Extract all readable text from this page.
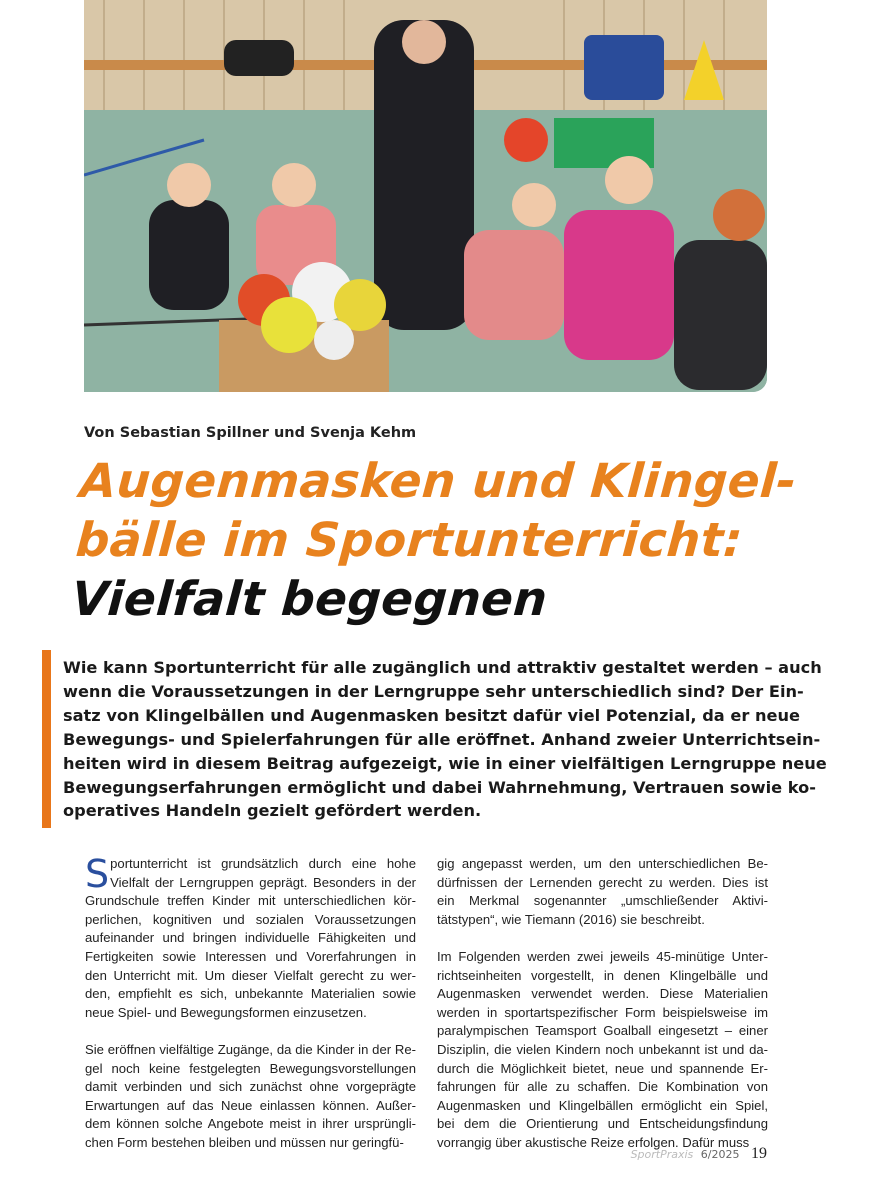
Von Sebastian Spillner und Svenja Kehm
Augenmasken und Klingel-
bälle im Sportunterricht:
Vielfalt begegnen
Wie kann Sportunterricht für alle zugänglich und attraktiv gestaltet werden – auch
wenn die Voraussetzungen in der Lerngruppe sehr unterschiedlich sind? Der Ein-
satz von Klingelbällen und Augenmasken besitzt dafür viel Potenzial, da er neue
Bewegungs- und Spielerfahrungen für alle eröffnet. Anhand zweier Unterrichtsein-
heiten wird in diesem Beitrag aufgezeigt, wie in einer vielfältigen Lerngruppe neue
Bewegungserfahrungen ermöglicht und dabei Wahrnehmung, Vertrauen sowie ko-
operatives Handeln gezielt gefördert werden.
S portunterricht ist grundsätzlich durch eine hohe
Vielfalt der Lerngruppen geprägt. Besonders in der
Grundschule treffen Kinder mit unterschiedlichen kör-
perlichen, kognitiven und sozialen Voraussetzungen
aufeinander und bringen individuelle Fähigkeiten und
Fertigkeiten sowie Interessen und Vorerfahrungen in
den Unterricht mit. Um dieser Vielfalt gerecht zu wer-
den, empfiehlt es sich, unbekannte Materialien sowie
neue Spiel- und Bewegungsformen einzusetzen.
Sie eröffnen vielfältige Zugänge, da die Kinder in der Re-
gel noch keine festgelegten Bewegungsvorstellungen
damit verbinden und sich zunächst ohne vorgeprägte
Erwartungen auf das Neue einlassen können. Außer-
dem können solche Angebote meist in ihrer ursprüngli-
chen Form bestehen bleiben und müssen nur geringfü-
gig angepasst werden, um den unterschiedlichen Be-
dürfnissen der Lernenden gerecht zu werden. Dies ist
ein Merkmal sogenannter „umschließender Aktivi-
tätstypen“, wie Tiemann (2016) sie beschreibt.
Im Folgenden werden zwei jeweils 45-minütige Unter-
richtseinheiten vorgestellt, in denen Klingelbälle und
Augenmasken verwendet werden. Diese Materialien
werden in sportartspezifischer Form beispielsweise im
paralympischen Teamsport Goalball eingesetzt – einer
Disziplin, die vielen Kindern noch unbekannt ist und da-
durch die Möglichkeit bietet, neue und spannende Er-
fahrungen für alle zu schaffen. Die Kombination von
Augenmasken und Klingelbällen ermöglicht ein Spiel,
bei dem die Orientierung und Entscheidungsfindung
vorrangig über akustische Reize erfolgen. Dafür muss
SportPraxis 6/2025 19
